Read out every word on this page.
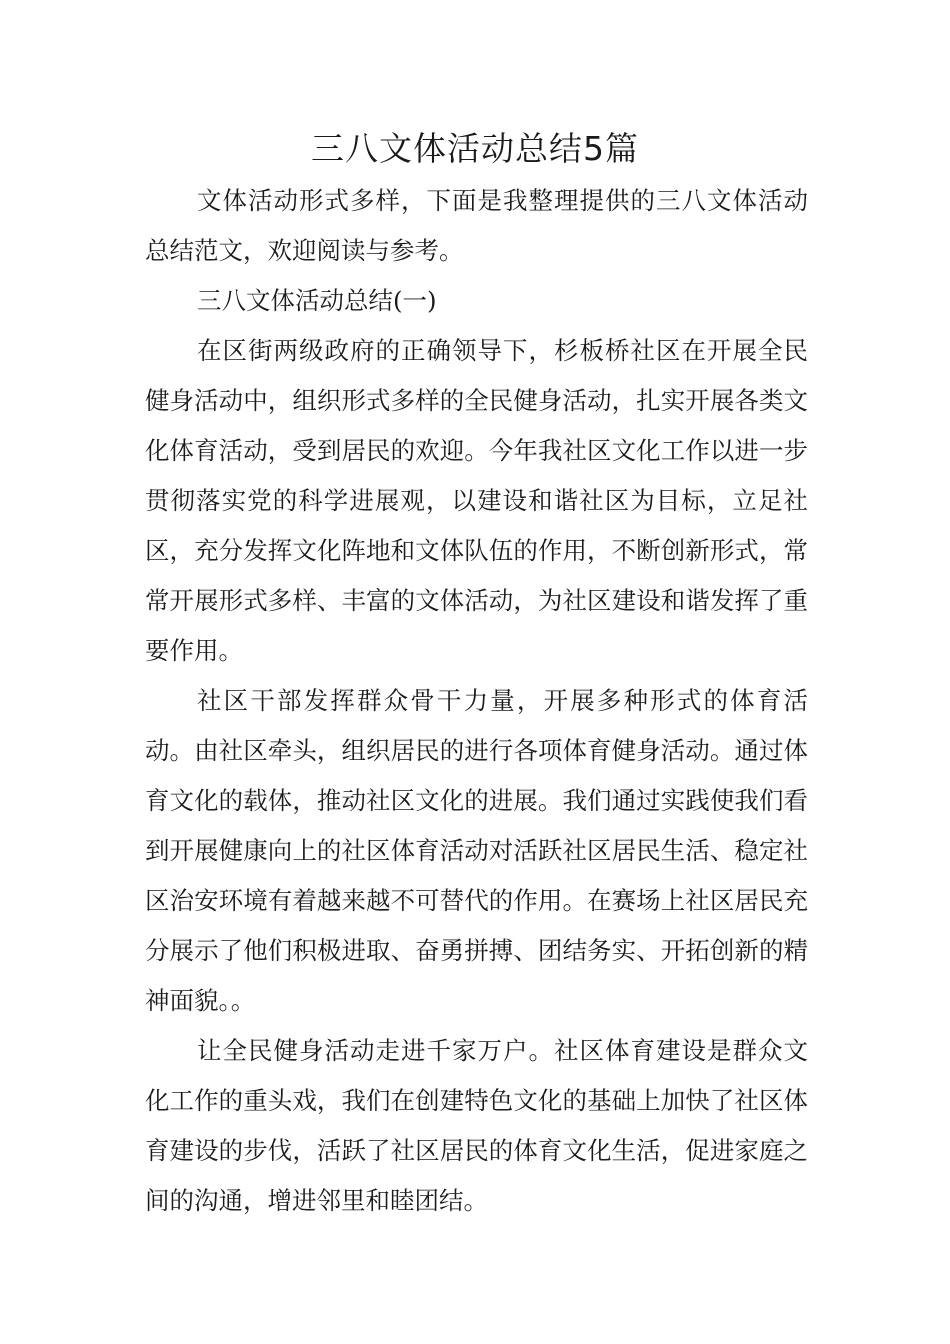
三八文体活动总结5篇

文体活动形式多样，下面是我整理提供的三八文体活动总结范文，欢迎阅读与参考。

三八文体活动总结(一)

在区街两级政府的正确领导下，杉板桥社区在开展全民健身活动中，组织形式多样的全民健身活动，扎实开展各类文化体育活动，受到居民的欢迎。今年我社区文化工作以进一步贯彻落实党的科学进展观，以建设和谐社区为目标，立足社区，充分发挥文化阵地和文体队伍的作用，不断创新形式，常常开展形式多样、丰富的文体活动，为社区建设和谐发挥了重要作用。

社区干部发挥群众骨干力量，开展多种形式的体育活动。由社区牵头，组织居民的进行各项体育健身活动。通过体育文化的载体，推动社区文化的进展。我们通过实践使我们看到开展健康向上的社区体育活动对活跃社区居民生活、稳定社区治安环境有着越来越不可替代的作用。在赛场上社区居民充分展示了他们积极进取、奋勇拼搏、团结务实、开拓创新的精神面貌。。

让全民健身活动走进千家万户。社区体育建设是群众文化工作的重头戏，我们在创建特色文化的基础上加快了社区体育建设的步伐，活跃了社区居民的体育文化生活，促进家庭之间的沟通，增进邻里和睦团结。
